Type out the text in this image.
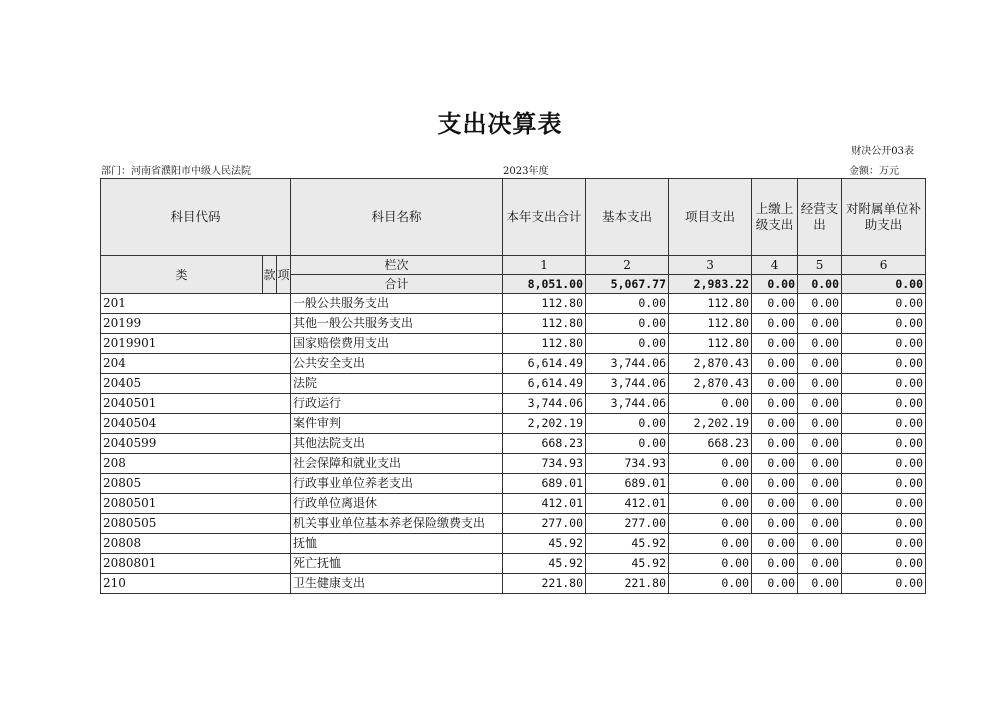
支出决算表
财决公开03表
部门：河南省濮阳市中级人民法院	2023年度	金额：万元
科目代码			科目名称	本年支出合计	基本支出	项目支出	上缴上级支出	经营支出	对附属单位补助支出
类	款	项	栏次	1	2	3	4	5	6
			合计	8,051.00	5,067.77	2,983.22	0.00	0.00	0.00
201			一般公共服务支出	112.80	0.00	112.80	0.00	0.00	0.00
20199			其他一般公共服务支出	112.80	0.00	112.80	0.00	0.00	0.00
2019901			国家赔偿费用支出	112.80	0.00	112.80	0.00	0.00	0.00
204			公共安全支出	6,614.49	3,744.06	2,870.43	0.00	0.00	0.00
20405			法院	6,614.49	3,744.06	2,870.43	0.00	0.00	0.00
2040501			行政运行	3,744.06	3,744.06	0.00	0.00	0.00	0.00
2040504			案件审判	2,202.19	0.00	2,202.19	0.00	0.00	0.00
2040599			其他法院支出	668.23	0.00	668.23	0.00	0.00	0.00
208			社会保障和就业支出	734.93	734.93	0.00	0.00	0.00	0.00
20805			行政事业单位养老支出	689.01	689.01	0.00	0.00	0.00	0.00
2080501			行政单位离退休	412.01	412.01	0.00	0.00	0.00	0.00
2080505			机关事业单位基本养老保险缴费支出	277.00	277.00	0.00	0.00	0.00	0.00
20808			抚恤	45.92	45.92	0.00	0.00	0.00	0.00
2080801			死亡抚恤	45.92	45.92	0.00	0.00	0.00	0.00
210			卫生健康支出	221.80	221.80	0.00	0.00	0.00	0.00
